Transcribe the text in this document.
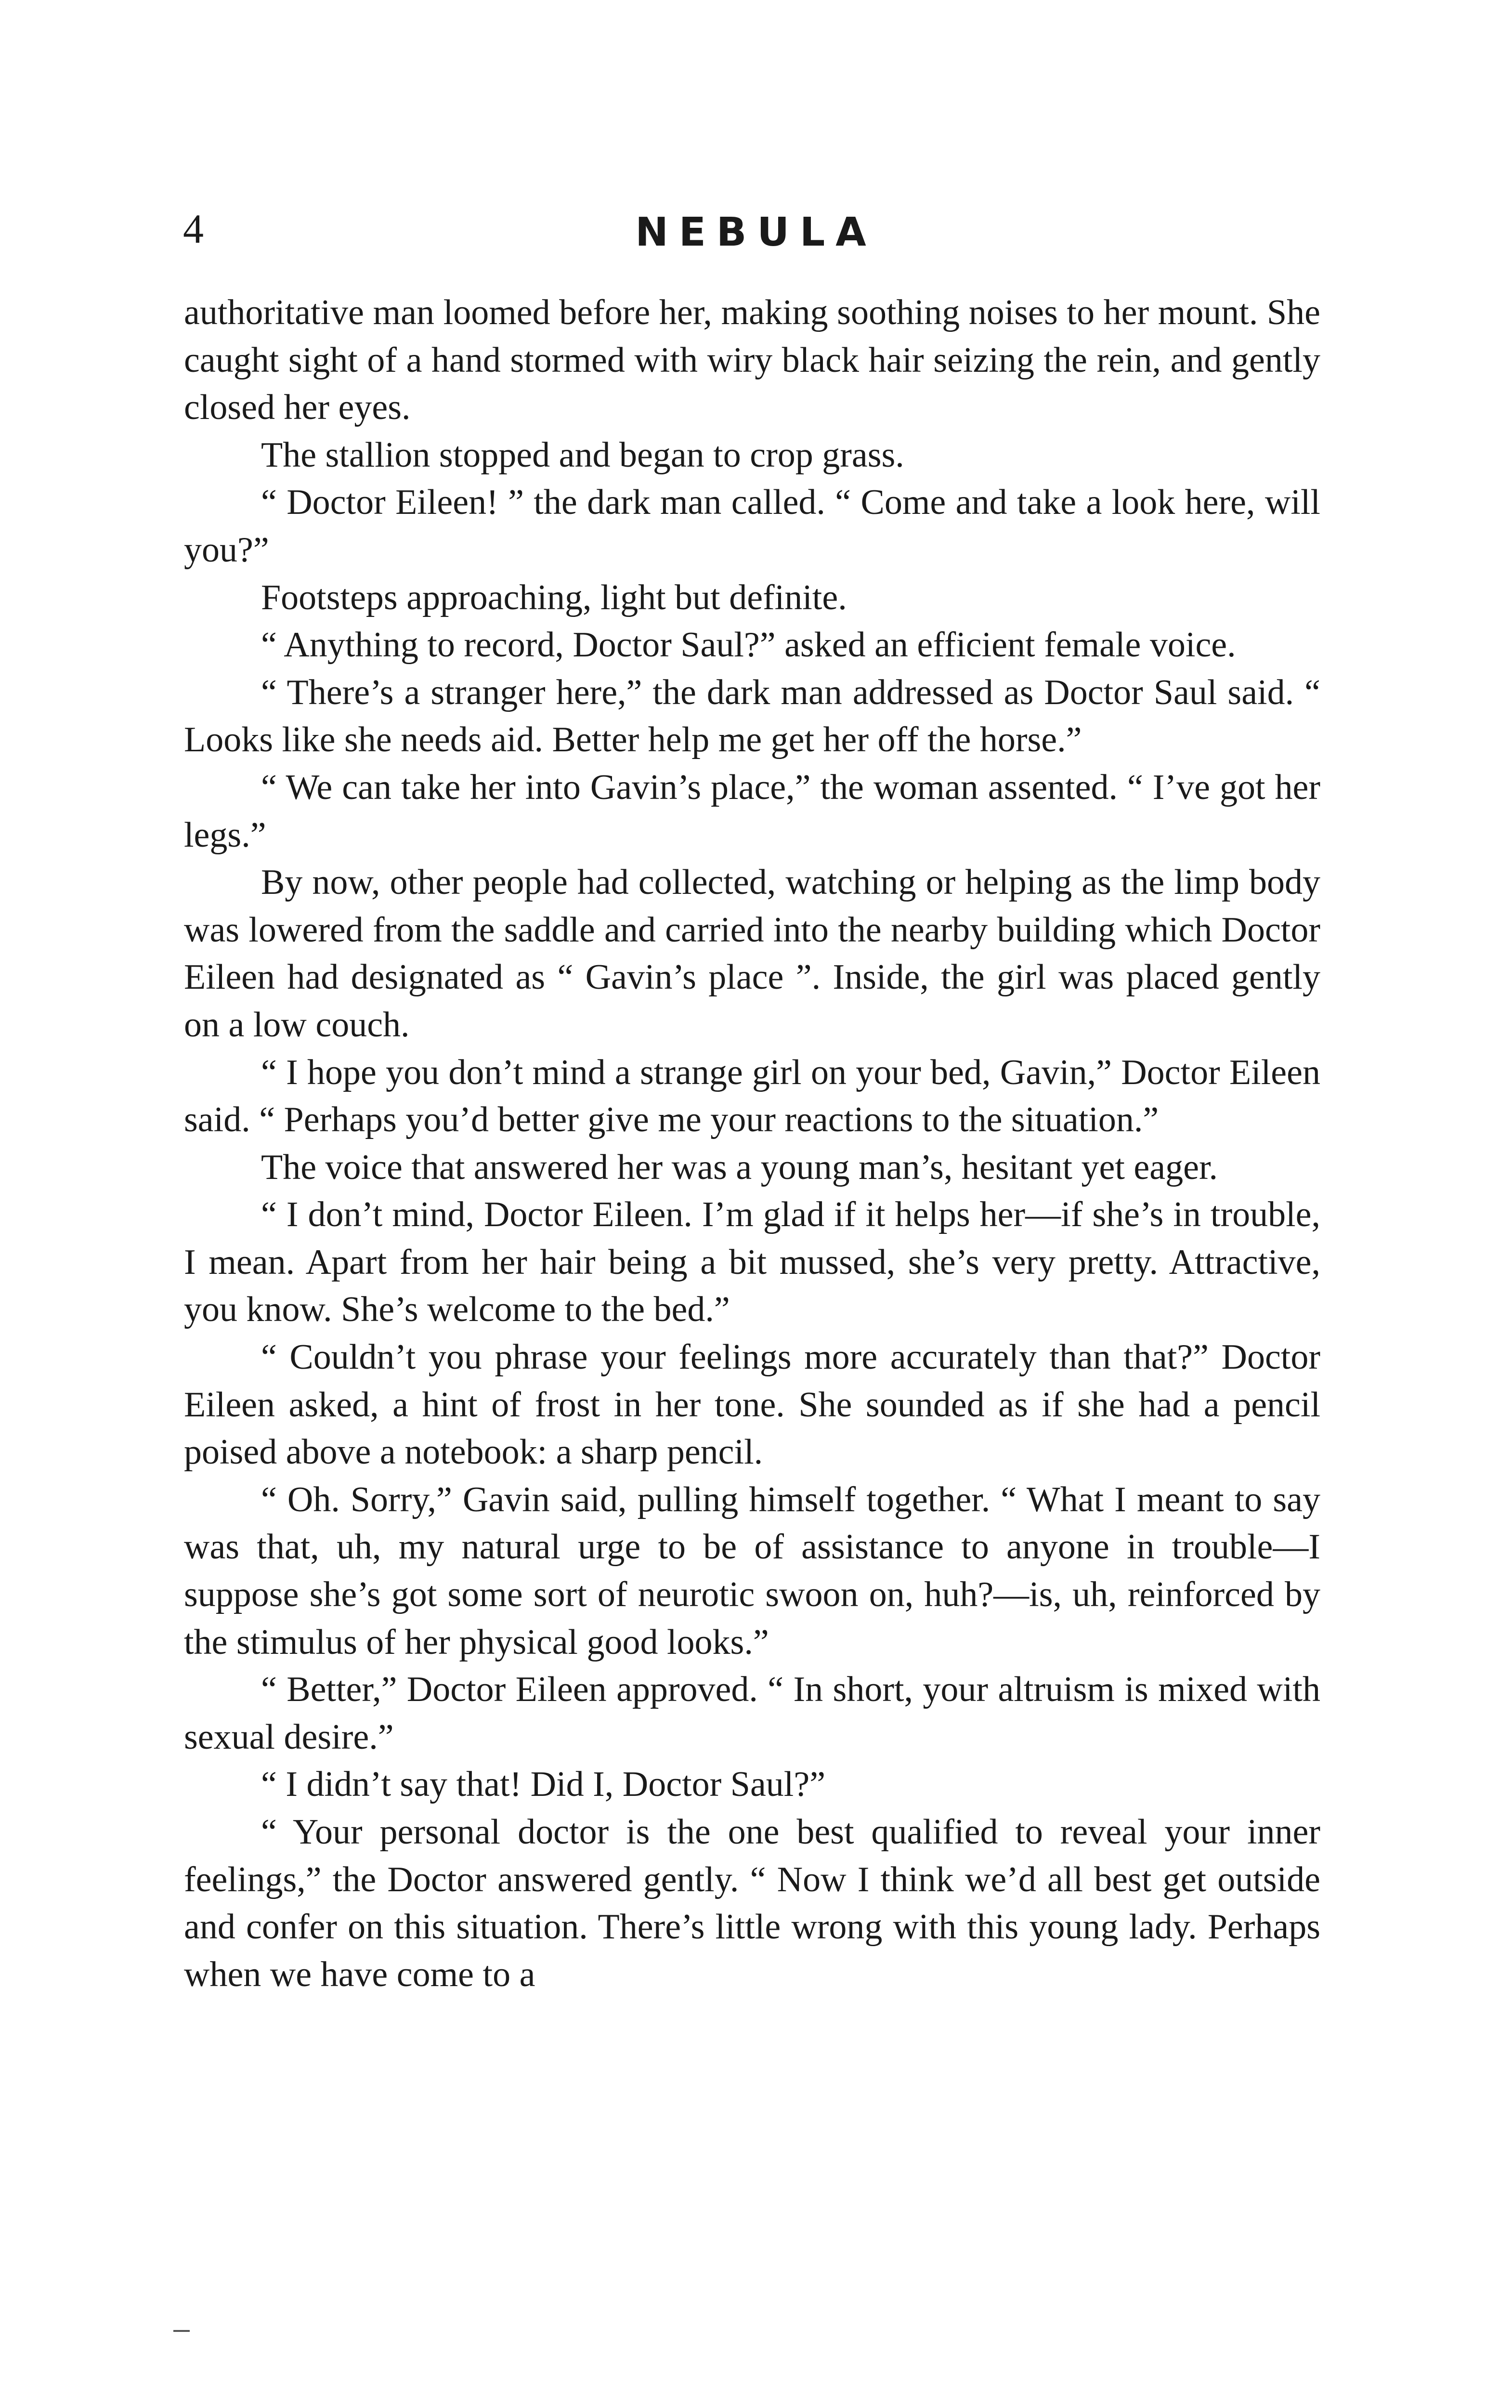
4	NEBULA

authoritative man loomed before her, making soothing noises to her mount. She caught sight of a hand stormed with wiry black hair seizing the rein, and gently closed her eyes.

The stallion stopped and began to crop grass.

“ Doctor Eileen! ” the dark man called. “ Come and take a look here, will you?”

Footsteps approaching, light but definite.

“ Anything to record, Doctor Saul?” asked an efficient female voice.

“ There’s a stranger here,” the dark man addressed as Doctor Saul said. “ Looks like she needs aid. Better help me get her off the horse.”

“ We can take her into Gavin’s place,” the woman assented. “ I’ve got her legs.”

By now, other people had collected, watching or helping as the limp body was lowered from the saddle and carried into the nearby building which Doctor Eileen had designated as “ Gavin’s place ”. Inside, the girl was placed gently on a low couch.

“ I hope you don’t mind a strange girl on your bed, Gavin,” Doctor Eileen said. “ Perhaps you’d better give me your reactions to the situation.”

The voice that answered her was a young man’s, hesitant yet eager.

“ I don’t mind, Doctor Eileen. I’m glad if it helps her—if she’s in trouble, I mean. Apart from her hair being a bit mussed, she’s very pretty. Attractive, you know. She’s welcome to the bed.”

“ Couldn’t you phrase your feelings more accurately than that?” Doctor Eileen asked, a hint of frost in her tone. She sounded as if she had a pencil poised above a notebook: a sharp pencil.

“ Oh. Sorry,” Gavin said, pulling himself together. “ What I meant to say was that, uh, my natural urge to be of assistance to anyone in trouble—I suppose she’s got some sort of neurotic swoon on, huh?—is, uh, reinforced by the stimulus of her physical good looks.”

“ Better,” Doctor Eileen approved. “ In short, your altruism is mixed with sexual desire.”

“ I didn’t say that! Did I, Doctor Saul?”

“ Your personal doctor is the one best qualified to reveal your inner feelings,” the Doctor answered gently. “ Now I think we’d all best get outside and confer on this situation. There’s little wrong with this young lady. Perhaps when we have come to a
